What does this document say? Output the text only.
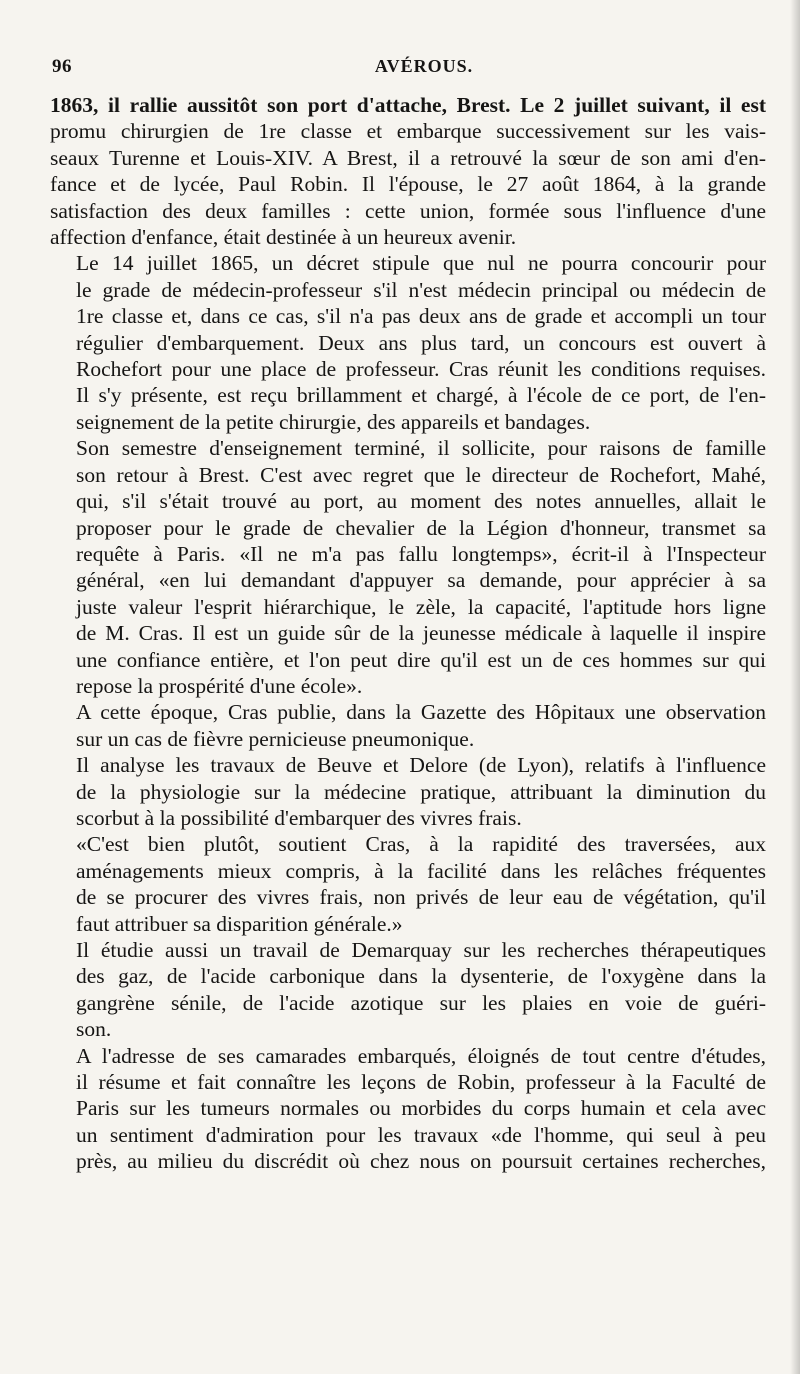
96	AVÉROUS.

1863, il rallie aussitôt son port d'attache, Brest. Le 2 juillet suivant, il est
promu chirurgien de 1re classe et embarque successivement sur les vais-
seaux Turenne et Louis-XIV. A Brest, il a retrouvé la sœur de son ami d'en-
fance et de lycée, Paul Robin. Il l'épouse, le 27 août 1864, à la grande
satisfaction des deux familles : cette union, formée sous l'influence d'une
affection d'enfance, était destinée à un heureux avenir.

Le 14 juillet 1865, un décret stipule que nul ne pourra concourir pour
le grade de médecin-professeur s'il n'est médecin principal ou médecin de
1re classe et, dans ce cas, s'il n'a pas deux ans de grade et accompli un tour
régulier d'embarquement. Deux ans plus tard, un concours est ouvert à
Rochefort pour une place de professeur. Cras réunit les conditions requises.
Il s'y présente, est reçu brillamment et chargé, à l'école de ce port, de l'en-
seignement de la petite chirurgie, des appareils et bandages.

Son semestre d'enseignement terminé, il sollicite, pour raisons de famille
son retour à Brest. C'est avec regret que le directeur de Rochefort, Mahé,
qui, s'il s'était trouvé au port, au moment des notes annuelles, allait le
proposer pour le grade de chevalier de la Légion d'honneur, transmet sa
requête à Paris. «Il ne m'a pas fallu longtemps», écrit-il à l'Inspecteur
général, «en lui demandant d'appuyer sa demande, pour apprécier à sa
juste valeur l'esprit hiérarchique, le zèle, la capacité, l'aptitude hors ligne
de M. Cras. Il est un guide sûr de la jeunesse médicale à laquelle il inspire
une confiance entière, et l'on peut dire qu'il est un de ces hommes sur qui
repose la prospérité d'une école».

A cette époque, Cras publie, dans la Gazette des Hôpitaux une observation
sur un cas de fièvre pernicieuse pneumonique.

Il analyse les travaux de Beuve et Delore (de Lyon), relatifs à l'influence
de la physiologie sur la médecine pratique, attribuant la diminution du
scorbut à la possibilité d'embarquer des vivres frais.

«C'est bien plutôt, soutient Cras, à la rapidité des traversées, aux
aménagements mieux compris, à la facilité dans les relâches fréquentes
de se procurer des vivres frais, non privés de leur eau de végétation, qu'il
faut attribuer sa disparition générale.»

Il étudie aussi un travail de Demarquay sur les recherches thérapeutiques
des gaz, de l'acide carbonique dans la dysenterie, de l'oxygène dans la
gangrène sénile, de l'acide azotique sur les plaies en voie de guéri-
son.

A l'adresse de ses camarades embarqués, éloignés de tout centre d'études,
il résume et fait connaître les leçons de Robin, professeur à la Faculté de
Paris sur les tumeurs normales ou morbides du corps humain et cela avec
un sentiment d'admiration pour les travaux «de l'homme, qui seul à peu
près, au milieu du discrédit où chez nous on poursuit certaines recherches,
